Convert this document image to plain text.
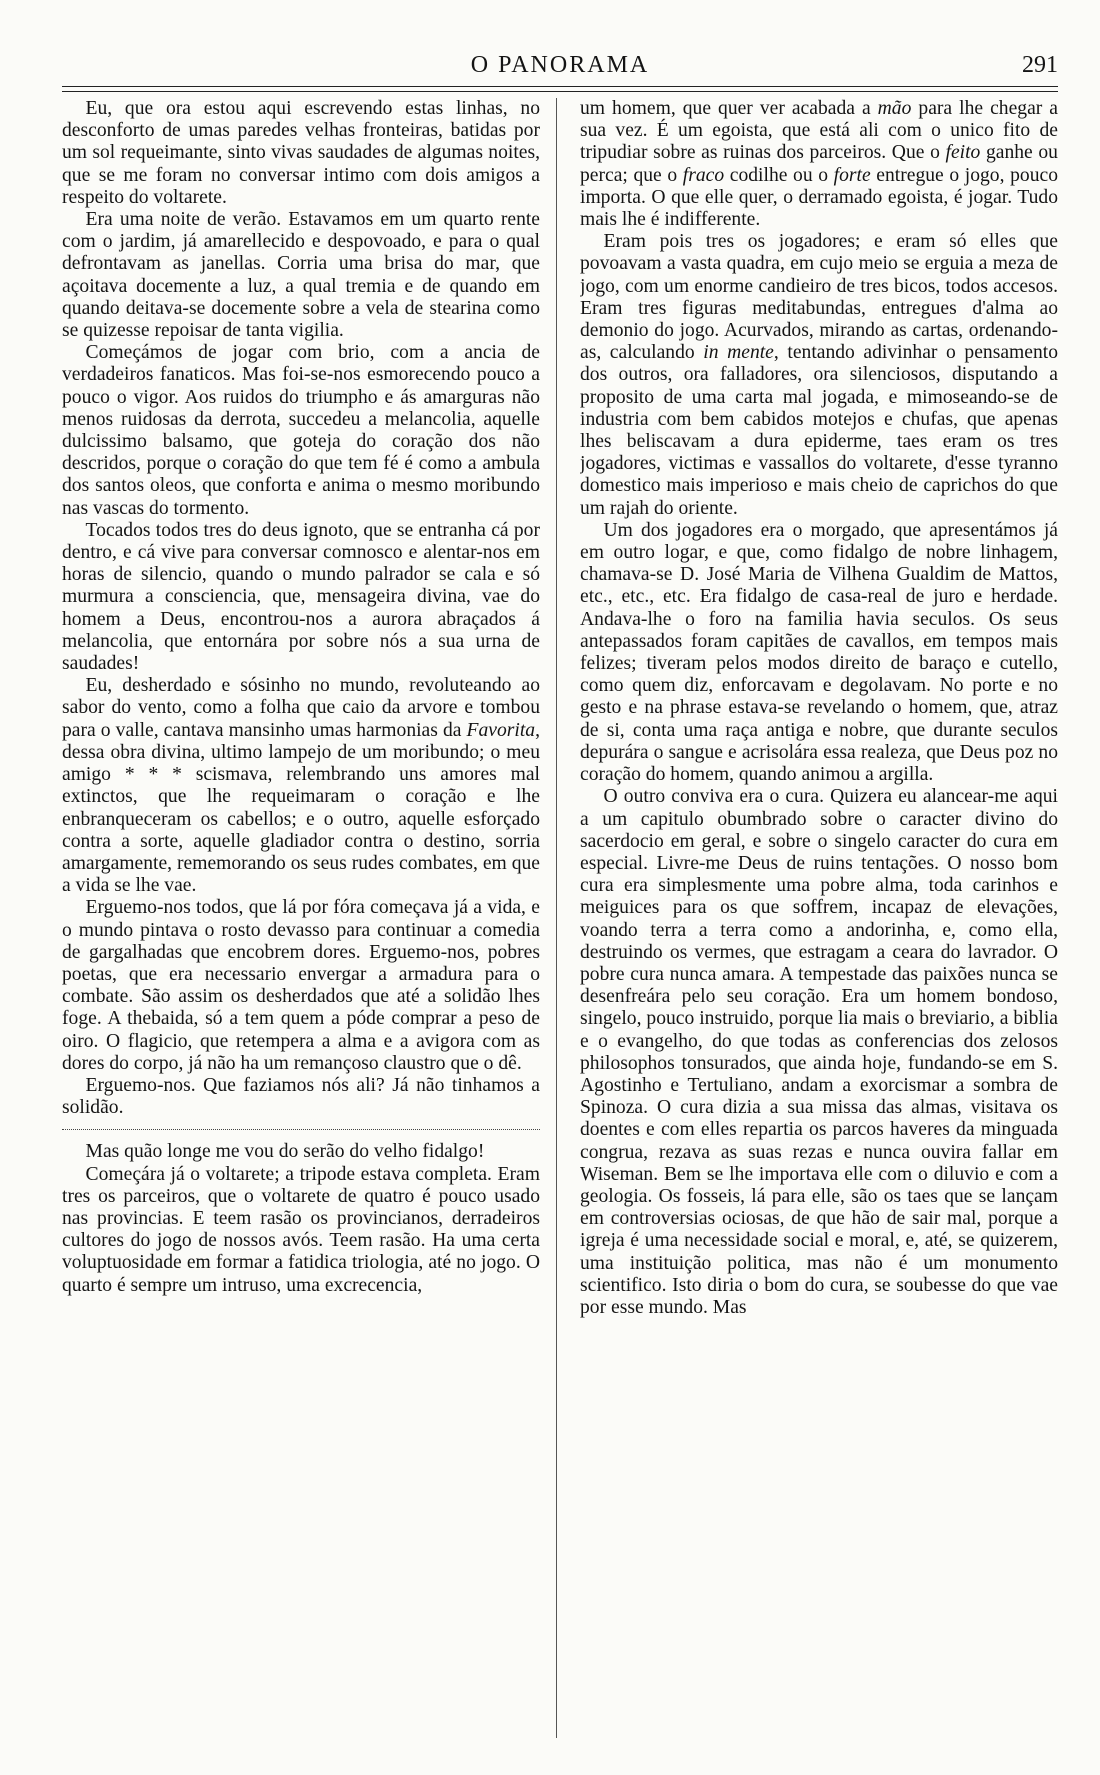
O PANORAMA	291

Eu, que ora estou aqui escrevendo estas linhas, no desconforto de umas paredes velhas fronteiras, batidas por um sol requeimante, sinto vivas saudades de algumas noites, que se me foram no conversar intimo com dois amigos a respeito do voltarete.

Era uma noite de verão. Estavamos em um quarto rente com o jardim, já amarellecido e despovoado, e para o qual defrontavam as janellas. Corria uma brisa do mar, que açoitava docemente a luz, a qual tremia e de quando em quando deitava-se docemente sobre a vela de stearina como se quizesse repoisar de tanta vigilia.

Começámos de jogar com brio, com a ancia de verdadeiros fanaticos. Mas foi-se-nos esmorecendo pouco a pouco o vigor. Aos ruidos do triumpho e ás amarguras não menos ruidosas da derrota, succedeu a melancolia, aquelle dulcissimo balsamo, que goteja do coração dos não descridos, porque o coração do que tem fé é como a ambula dos santos oleos, que conforta e anima o mesmo moribundo nas vascas do tormento.

Tocados todos tres do deus ignoto, que se entranha cá por dentro, e cá vive para conversar comnosco e alentar-nos em horas de silencio, quando o mundo palrador se cala e só murmura a consciencia, que, mensageira divina, vae do homem a Deus, encontrou-nos a aurora abraçados á melancolia, que entornára por sobre nós a sua urna de saudades!

Eu, desherdado e sósinho no mundo, revoluteando ao sabor do vento, como a folha que caio da arvore e tombou para o valle, cantava mansinho umas harmonias da Favorita, dessa obra divina, ultimo lampejo de um moribundo; o meu amigo * * * scismava, relembrando uns amores mal extinctos, que lhe requeimaram o coração e lhe enbranqueceram os cabellos; e o outro, aquelle esforçado contra a sorte, aquelle gladiador contra o destino, sorria amargamente, rememorando os seus rudes combates, em que a vida se lhe vae.

Erguemo-nos todos, que lá por fóra começava já a vida, e o mundo pintava o rosto devasso para continuar a comedia de gargalhadas que encobrem dores. Erguemo-nos, pobres poetas, que era necessario envergar a armadura para o combate. São assim os desherdados que até a solidão lhes foge. A thebaida, só a tem quem a póde comprar a peso de oiro. O flagicio, que retempera a alma e a avigora com as dores do corpo, já não ha um remançoso claustro que o dê.

Erguemo-nos. Que faziamos nós ali? Já não tinhamos a solidão.

Mas quão longe me vou do serão do velho fidalgo!

Começára já o voltarete; a tripode estava completa. Eram tres os parceiros, que o voltarete de quatro é pouco usado nas provincias. E teem rasão os provincianos, derradeiros cultores do jogo de nossos avós. Teem rasão. Ha uma certa voluptuosidade em formar a fatidica triologia, até no jogo. O quarto é sempre um intruso, uma excrecencia,

um homem, que quer ver acabada a mão para lhe chegar a sua vez. É um egoista, que está ali com o unico fito de tripudiar sobre as ruinas dos parceiros. Que o feito ganhe ou perca; que o fraco codilhe ou o forte entregue o jogo, pouco importa. O que elle quer, o derramado egoista, é jogar. Tudo mais lhe é indifferente.

Eram pois tres os jogadores; e eram só elles que povoavam a vasta quadra, em cujo meio se erguia a meza de jogo, com um enorme candieiro de tres bicos, todos accesos. Eram tres figuras meditabundas, entregues d'alma ao demonio do jogo. Acurvados, mirando as cartas, ordenando-as, calculando in mente, tentando adivinhar o pensamento dos outros, ora falladores, ora silenciosos, disputando a proposito de uma carta mal jogada, e mimoseando-se de industria com bem cabidos motejos e chufas, que apenas lhes beliscavam a dura epiderme, taes eram os tres jogadores, victimas e vassallos do voltarete, d'esse tyranno domestico mais imperioso e mais cheio de caprichos do que um rajah do oriente.

Um dos jogadores era o morgado, que apresentámos já em outro logar, e que, como fidalgo de nobre linhagem, chamava-se D. José Maria de Vilhena Gualdim de Mattos, etc., etc., etc. Era fidalgo de casa-real de juro e herdade. Andava-lhe o foro na familia havia seculos. Os seus antepassados foram capitães de cavallos, em tempos mais felizes; tiveram pelos modos direito de baraço e cutello, como quem diz, enforcavam e degolavam. No porte e no gesto e na phrase estava-se revelando o homem, que, atraz de si, conta uma raça antiga e nobre, que durante seculos depurára o sangue e acrisolára essa realeza, que Deus poz no coração do homem, quando animou a argilla.

O outro conviva era o cura. Quizera eu alancear-me aqui a um capitulo obumbrado sobre o caracter divino do sacerdocio em geral, e sobre o singelo caracter do cura em especial. Livre-me Deus de ruins tentações. O nosso bom cura era simplesmente uma pobre alma, toda carinhos e meiguices para os que soffrem, incapaz de elevações, voando terra a terra como a andorinha, e, como ella, destruindo os vermes, que estragam a ceara do lavrador. O pobre cura nunca amara. A tempestade das paixões nunca se desenfreára pelo seu coração. Era um homem bondoso, singelo, pouco instruido, porque lia mais o breviario, a biblia e o evangelho, do que todas as conferencias dos zelosos philosophos tonsurados, que ainda hoje, fundando-se em S. Agostinho e Tertuliano, andam a exorcismar a sombra de Spinoza. O cura dizia a sua missa das almas, visitava os doentes e com elles repartia os parcos haveres da minguada congrua, rezava as suas rezas e nunca ouvira fallar em Wiseman. Bem se lhe importava elle com o diluvio e com a geologia. Os fosseis, lá para elle, são os taes que se lançam em controversias ociosas, de que hão de sair mal, porque a igreja é uma necessidade social e moral, e, até, se quizerem, uma instituição politica, mas não é um monumento scientifico. Isto diria o bom do cura, se soubesse do que vae por esse mundo. Mas
